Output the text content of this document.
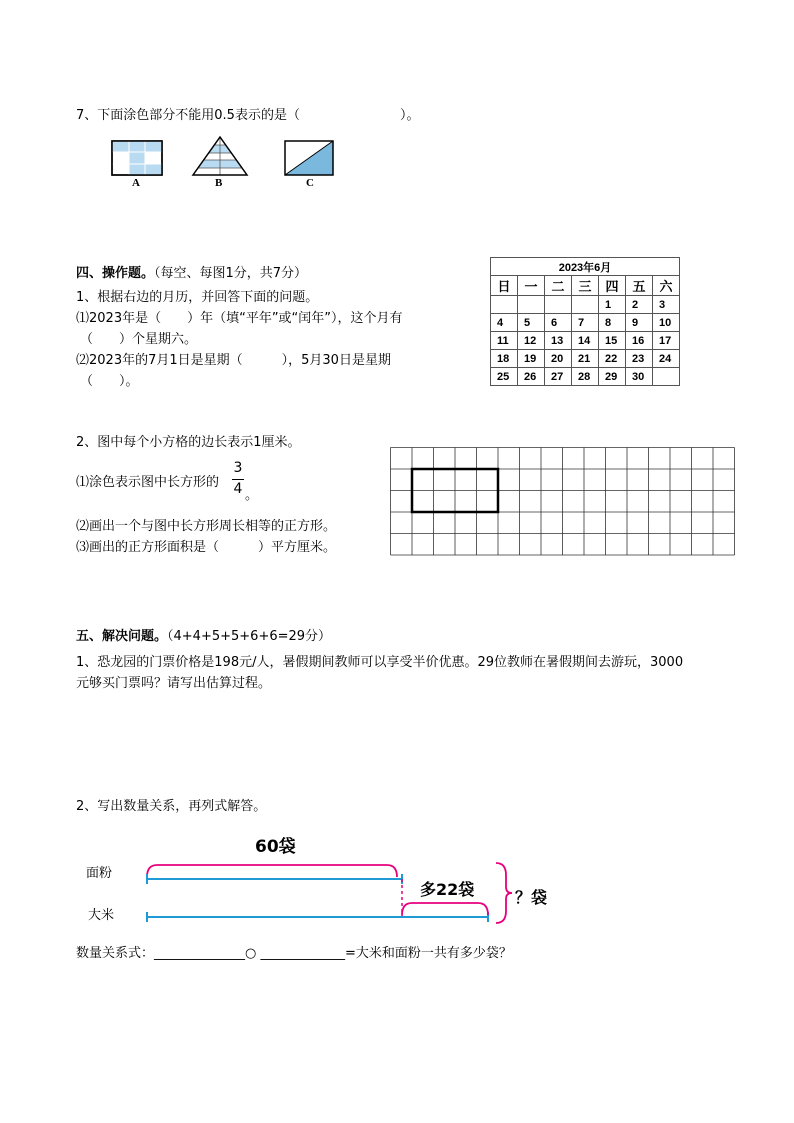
7、下面涂色部分不能用0.5表示的是（	）。
A	B	C
四、操作题。（每空、每图1分，共7分）
1、根据右边的月历，并回答下面的问题。
⑴2023年是（　　）年（填“平年”或“闰年”），这个月有
（　　）个星期六。
⑵2023年的7月1日是星期（　　　），5月30日是星期
（　　）。
2023年6月						
日	一	二	三	四	五	六
				1	2	3
4	5	6	7	8	9	10
11	12	13	14	15	16	17
18	19	20	21	22	23	24
25	26	27	28	29	30	
2、图中每个小方格的边长表示1厘米。
⑴涂色表示图中长方形的
3
4 。
⑵画出一个与图中长方形周长相等的正方形。
⑶画出的正方形面积是（　　　）平方厘米。
五、解决问题。（4+4+5+5+6+6=29分）
1、恐龙园的门票价格是198元/人，暑假期间教师可以享受半价优惠。29位教师在暑假期间去游玩，3000
元够买门票吗？请写出估算过程。
2、写出数量关系，再列式解答。
60袋
面粉
大米
多22袋	？袋
数量关系式：______________○ _____________=大米和面粉一共有多少袋？
